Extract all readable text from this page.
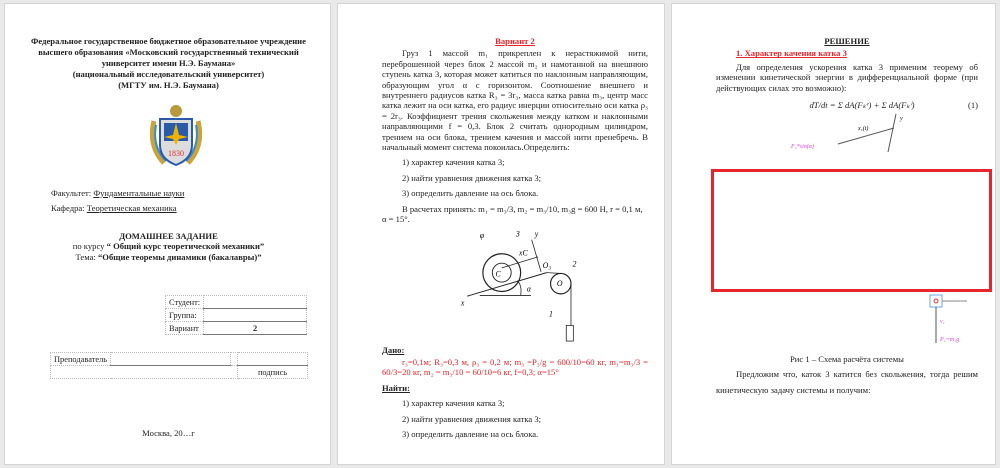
Федеральное государственное бюджетное образовательное учреждение
высшего образования «Московский государственный технический
университет имени Н.Э. Баумана»
(национальный исследовательский университет)
(МГТУ им. Н.Э. Баумана)
1830
Факультет: Фундаментальные науки
Кафедра: Теоретическая механика
ДОМАШНЕЕ ЗАДАНИЕ
по курсу “ Общий курс теоретической механики”
Тема: “Общие теоремы динамики (бакалавры)”
Студент:	
Группа:	
Вариант	2
Преподаватель			
			подпись
Москва, 20…г
Вариант 2
Груз 1 массой m₁ прикреплен к нерастяжимой нити, переброшенной через блок 2 массой m₂ и намотанной на внешнюю ступень катка 3, которая может катиться по наклонным направляющим, образующим угол α с горизонтом. Соотношение внешнего и внутреннего радиусов катка R₃ = 3r₃, масса катка равна m₃, центр масс катка лежит на оси катка, его радиус инерции относительно оси катка ρ₃ = 2r₃. Коэффициент трения скольжения между катком и наклонными направляющими f = 0,3. Блок 2 считать однородным цилиндром, трением на оси блока, трением качения и массой нити пренебречь. В начальный момент система покоилась.Определить:
1) характер качения катка 3;
2) найти уравнения движения катка 3;
3) определить давление на ось блока.
В расчетах принять: m₁ = m₃/3, m₂ = m₃/10, m₃g = 600 H, r = 0,1 м, α = 15°.
φ	3 y
xC
C
O₃ 2
O
x
α
1
Дано:
r₃=0,1м; R₃=0,3 м, ρ₃ = 0,2 м; m₃ =P₃/g = 600/10=60 кг, m₁=m₃/3 = 60/3=20 кг, m₂ = m₃/10 = 60/10=6 кг, f=0,3; α=15°
Найти:
1) характер качения катка 3;
2) найти уравнения движения катка 3;
3) определить давление на ось блока.
РЕШЕНИЕ
1. Характер качения катка 3
Для определения ускорения катка 3 применим теорему об изменении кинетической энергии в дифференциальной форме (при действующих силах это возможно):
dT/dt = Σ dA(Fₖᵉ) + Σ dA(Fₖⁱ)	(1)
y
x꜀(t)
F₃*sin(α)
v₁
P₁=m₁g
Рис 1 – Схема расчёта системы
Предложим что, каток 3 катится без скольжения, тогда решим кинетическую задачу системы и получим:
